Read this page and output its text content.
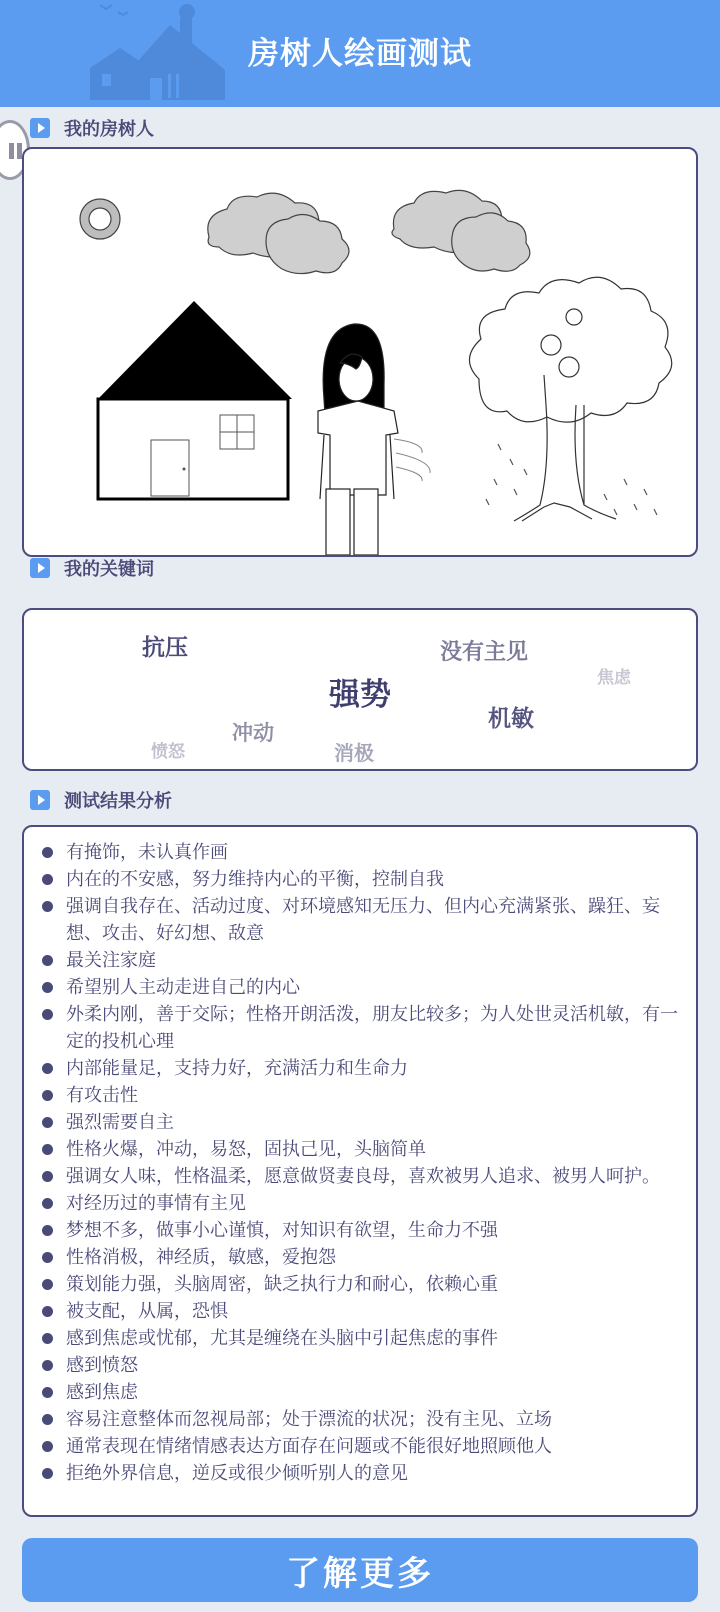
房树人绘画测试
我的房树人
我的关键词
抗压	没有主见
焦虑
强势
机敏
冲动
愤怒	消极
测试结果分析
有掩饰，未认真作画
内在的不安感，努力维持内心的平衡，控制自我
强调自我存在、活动过度、对环境感知无压力、但内心充满紧张、躁狂、妄想、攻击、好幻想、敌意
最关注家庭
希望别人主动走进自己的内心
外柔内刚，善于交际；性格开朗活泼，朋友比较多；为人处世灵活机敏，有一定的投机心理
内部能量足，支持力好，充满活力和生命力
有攻击性
强烈需要自主
性格火爆，冲动，易怒，固执己见，头脑简单
强调女人味，性格温柔，愿意做贤妻良母，喜欢被男人追求、被男人呵护。
对经历过的事情有主见
梦想不多，做事小心谨慎，对知识有欲望，生命力不强
性格消极，神经质，敏感，爱抱怨
策划能力强，头脑周密，缺乏执行力和耐心，依赖心重
被支配，从属，恐惧
感到焦虑或忧郁，尤其是缠绕在头脑中引起焦虑的事件
感到愤怒
感到焦虑
容易注意整体而忽视局部；处于漂流的状况；没有主见、立场
通常表现在情绪情感表达方面存在问题或不能很好地照顾他人
拒绝外界信息，逆反或很少倾听别人的意见
了解更多
